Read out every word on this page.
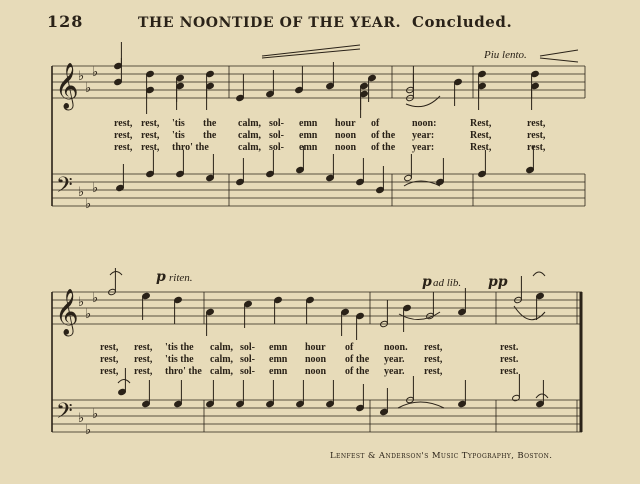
128	THE NOONTIDE OF THE YEAR. Concluded.
𝄞
𝄢
♭
♭
♭
♭
♭
♭
𝄞
𝄢
♭
♭
♭
♭
♭
♭
Piu lento.
p riten.	p ad lib. pp
rest, rest, 'tis the calm, sol- emn hour of	noon:	Rest,	rest,
rest, rest, 'tis the calm, sol- emn noon of the year:	Rest,	rest,
rest, rest, thro' the	calm, sol- emn noon of the year:	Rest,	rest,
rest, rest, 'tis the calm, sol- emn hour of	noon. rest,	rest.
rest, rest, 'tis the calm, sol- emn noon of the year. rest,	rest.
rest, rest, thro' the calm, sol- emn noon of the year. rest,	rest.
Lenfest & Anderson's Music Typography, Boston.
